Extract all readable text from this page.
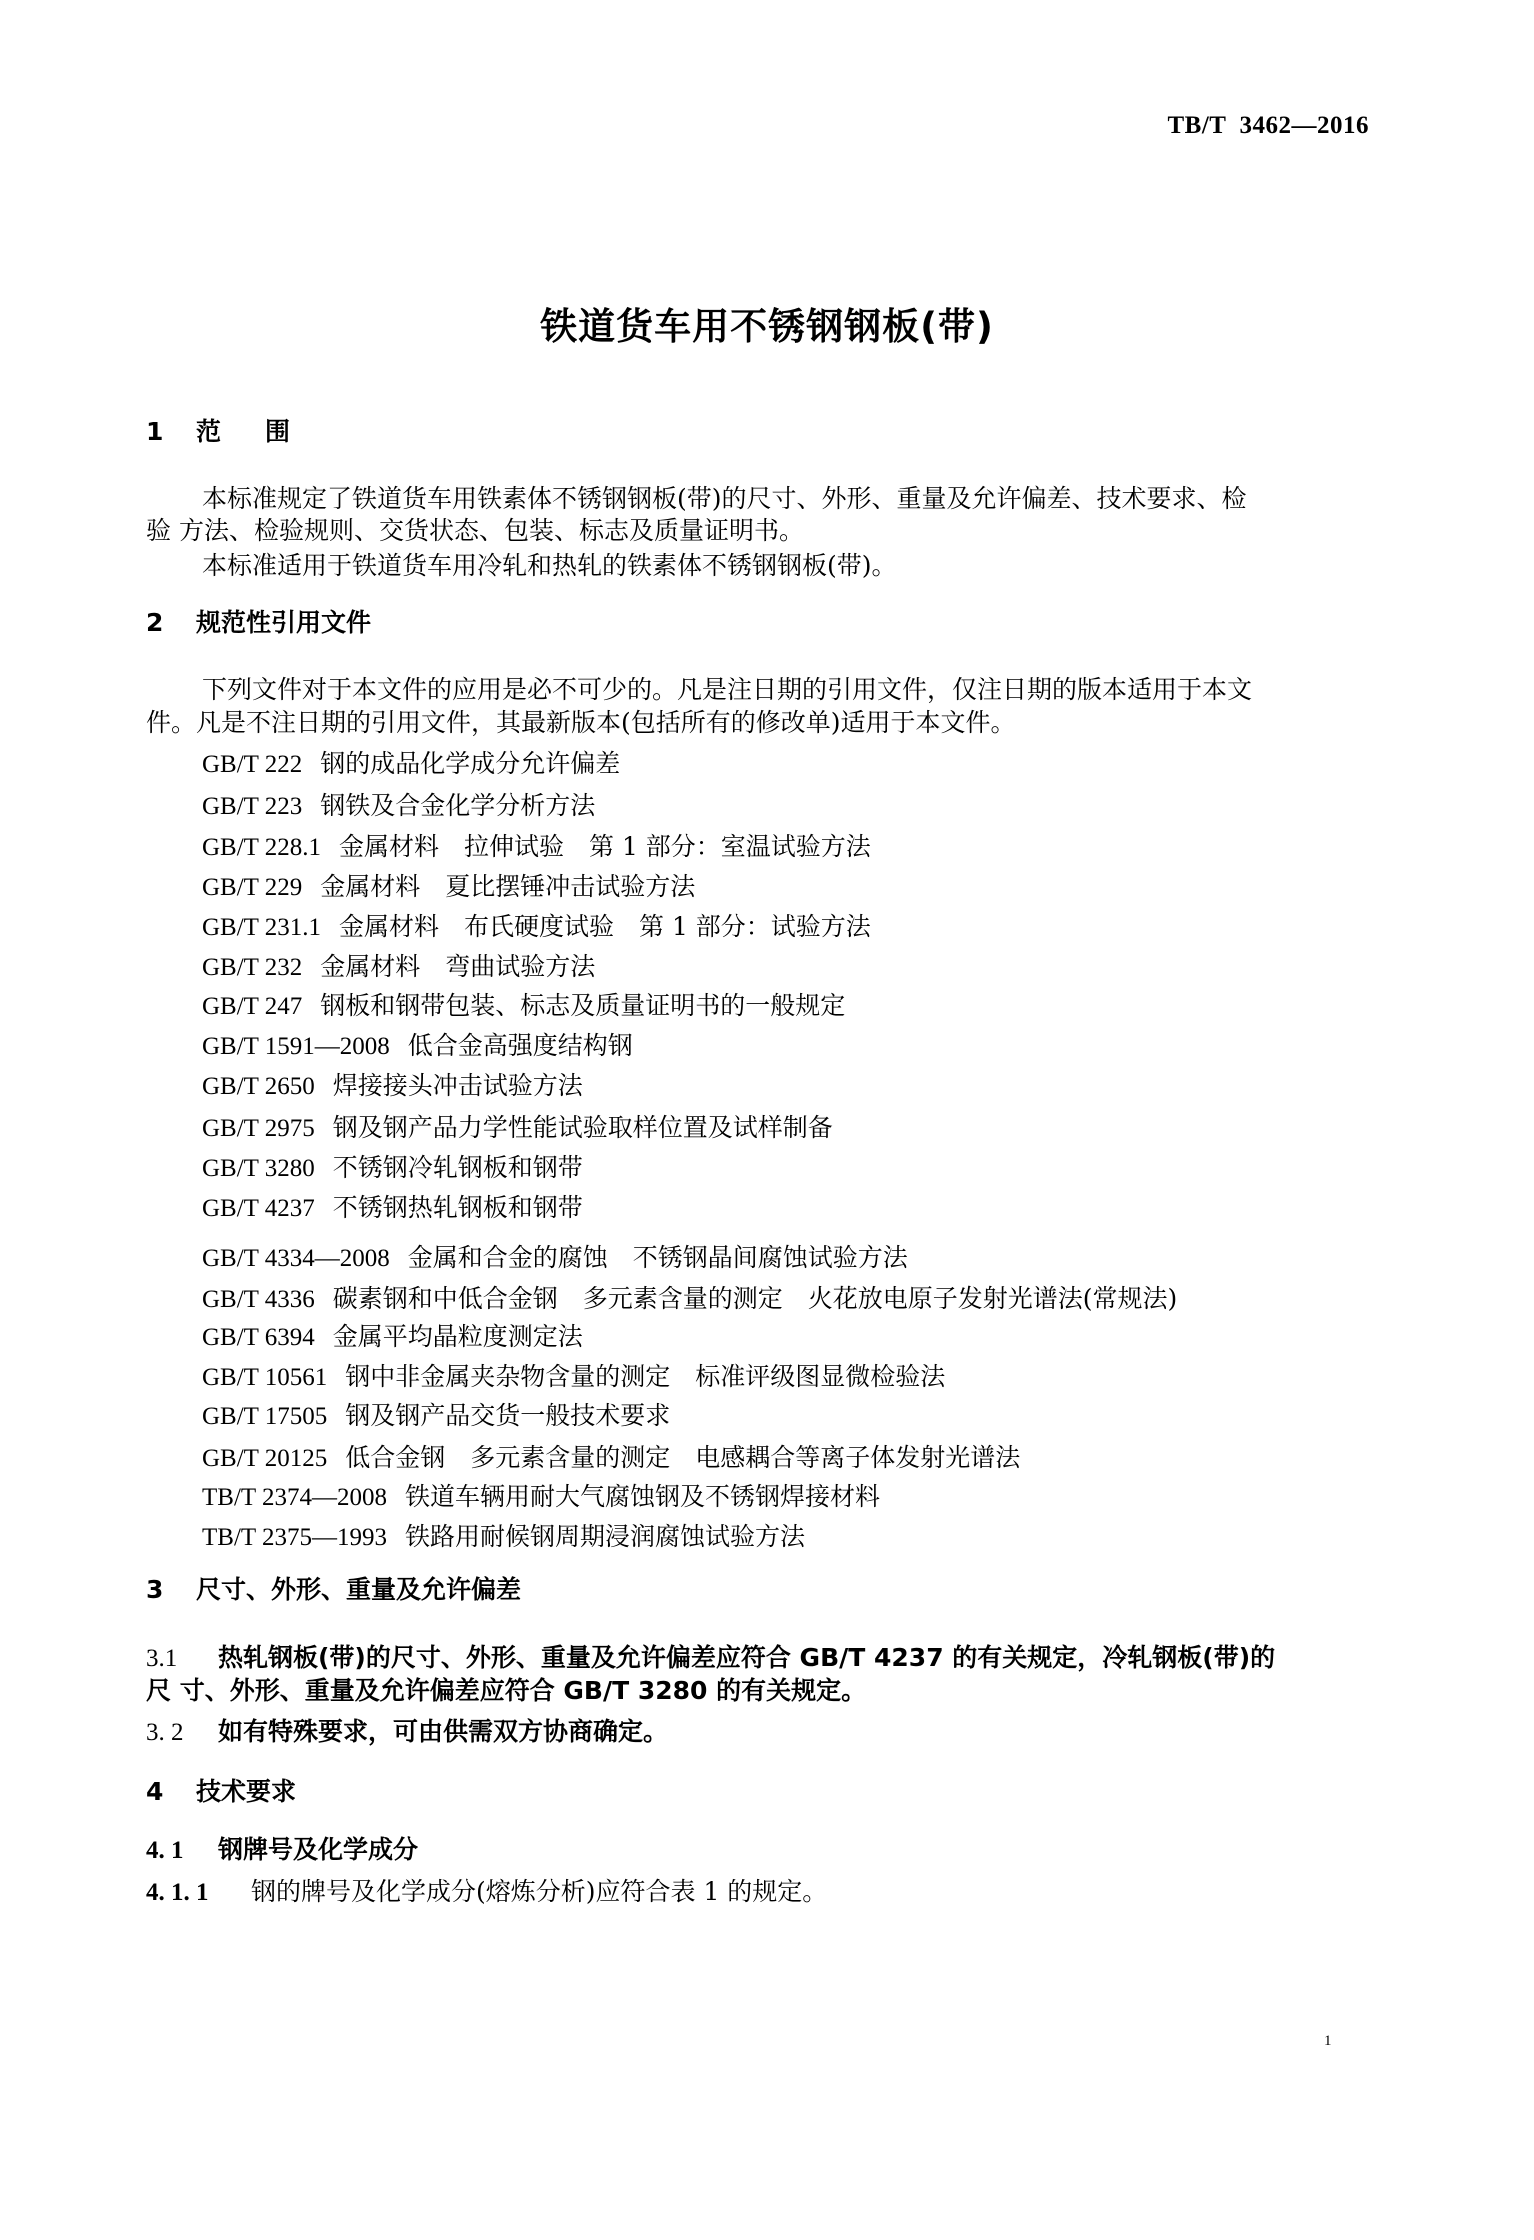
TB/T  3462—2016
铁道货车用不锈钢钢板(带)
1 范围
本标准规定了铁道货车用铁素体不锈钢钢板(带)的尺寸、外形、重量及允许偏差、技术要求、检
验 方法、检验规则、交货状态、包装、标志及质量证明书。
本标准适用于铁道货车用冷轧和热轧的铁素体不锈钢钢板(带)。
2 规范性引用文件
下列文件对于本文件的应用是必不可少的。凡是注日期的引用文件，仅注日期的版本适用于本文
件。凡是不注日期的引用文件，其最新版本(包括所有的修改单)适用于本文件。
GB/T 222 钢的成品化学成分允许偏差
GB/T 223 钢铁及合金化学分析方法
GB/T 228.1 金属材料　拉伸试验　第 1 部分：室温试验方法
GB/T 229 金属材料　夏比摆锤冲击试验方法
GB/T 231.1 金属材料　布氏硬度试验　第 1 部分：试验方法
GB/T 232 金属材料　弯曲试验方法
GB/T 247 钢板和钢带包装、标志及质量证明书的一般规定
GB/T 1591—2008 低合金高强度结构钢
GB/T 2650 焊接接头冲击试验方法
GB/T 2975 钢及钢产品力学性能试验取样位置及试样制备
GB/T 3280 不锈钢冷轧钢板和钢带
GB/T 4237 不锈钢热轧钢板和钢带
GB/T 4334—2008 金属和合金的腐蚀　不锈钢晶间腐蚀试验方法
GB/T 4336 碳素钢和中低合金钢　多元素含量的测定　火花放电原子发射光谱法(常规法)
GB/T 6394 金属平均晶粒度测定法
GB/T 10561 钢中非金属夹杂物含量的测定　标准评级图显微检验法
GB/T 17505 钢及钢产品交货一般技术要求
GB/T 20125 低合金钢　多元素含量的测定　电感耦合等离子体发射光谱法
TB/T 2374—2008 铁道车辆用耐大气腐蚀钢及不锈钢焊接材料
TB/T 2375—1993 铁路用耐候钢周期浸润腐蚀试验方法
3 尺寸、外形、重量及允许偏差
3.1 热轧钢板(带)的尺寸、外形、重量及允许偏差应符合 GB/T 4237 的有关规定，冷轧钢板(带)的
尺 寸、外形、重量及允许偏差应符合 GB/T 3280 的有关规定。
3. 2 如有特殊要求，可由供需双方协商确定。
4 技术要求
4. 1 钢牌号及化学成分
4. 1. 1 钢的牌号及化学成分(熔炼分析)应符合表 1 的规定。
1
